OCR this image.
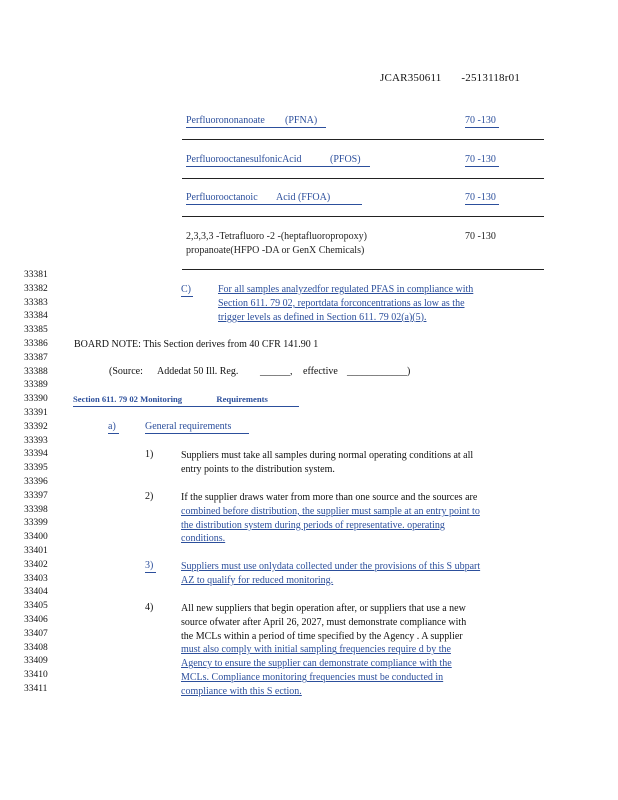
JCAR350611 -2513118r01
Perfluorononanoate (PFNA)	70 -130
PerfluorooctanesulfonicAcid	(PFOS)	70 -130
Perfluorooctanoic Acid (FFOA)	70 -130
2,3,3,3 -Tetrafluoro -2 -(heptafluoropropoxy)
propanoate(HFPO -DA or GenX Chemicals)
70 -130
33381
33382
33383
33384
33385
33386
33387
33388
33389
33390
33391
33392
33393
33394
33395
33396
33397
33398
33399
33400
33401
33402
33403
33404
33405
33406
33407
33408
33409
33410
33411
C)	For all samples analyzedfor regulated PFAS in compliance with
Section 611. 79 02, reportdata forconcentrations as low as the
trigger levels as defined in Section 611. 79 02(a)(5).
BOARD NOTE: This Section derives from 40 CFR 141.90 1
(Source: Addedat 50 Ill. Reg. ______, effective ____________)
Section 611. 79 02 Monitoring	Requirements
a)	General requirements
1)	Suppliers must take all samples during normal operating conditions at all
entry points to the distribution system.
2)	If the supplier draws water from more than one source and the sources are
combined before distribution, the supplier must sample at an entry point to
the distribution system during periods of representative. operating
conditions.
3)	Suppliers must use onlydata collected under the provisions of this S ubpart
AZ to qualify for reduced monitoring.
4)	All new suppliers that begin operation after, or suppliers that use a new
source ofwater after April 26, 2027, must demonstrate compliance with
the MCLs within a period of time specified by the Agency . A supplier
must also comply with initial sampling frequencies require d by the
Agency to ensure the supplier can demonstrate compliance with the
MCLs. Compliance monitoring frequencies must be conducted in
compliance with this S ection.
